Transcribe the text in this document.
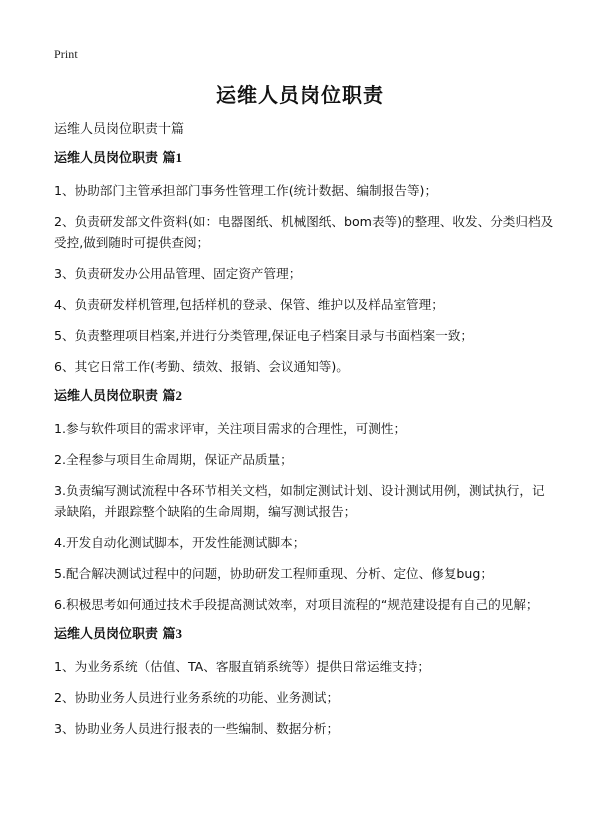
Print
运维人员岗位职责
运维人员岗位职责十篇
运维人员岗位职责 篇1
1、协助部门主管承担部门事务性管理工作(统计数据、编制报告等)；
2、负责研发部文件资料(如：电器图纸、机械图纸、bom表等)的整理、收发、分类归档及受控,做到随时可提供查阅；
3、负责研发办公用品管理、固定资产管理；
4、负责研发样机管理,包括样机的登录、保管、维护以及样品室管理；
5、负责整理项目档案,并进行分类管理,保证电子档案目录与书面档案一致；
6、其它日常工作(考勤、绩效、报销、会议通知等)。
运维人员岗位职责 篇2
1.参与软件项目的需求评审，关注项目需求的合理性，可测性；
2.全程参与项目生命周期，保证产品质量；
3.负责编写测试流程中各环节相关文档，如制定测试计划、设计测试用例，测试执行，记录缺陷，并跟踪整个缺陷的生命周期，编写测试报告；
4.开发自动化测试脚本，开发性能测试脚本；
5.配合解决测试过程中的问题，协助研发工程师重现、分析、定位、修复bug；
6.积极思考如何通过技术手段提高测试效率，对项目流程的“规范建设提有自己的见解；
运维人员岗位职责 篇3
1、为业务系统（估值、TA、客服直销系统等）提供日常运维支持；
2、协助业务人员进行业务系统的功能、业务测试；
3、协助业务人员进行报表的一些编制、数据分析；
